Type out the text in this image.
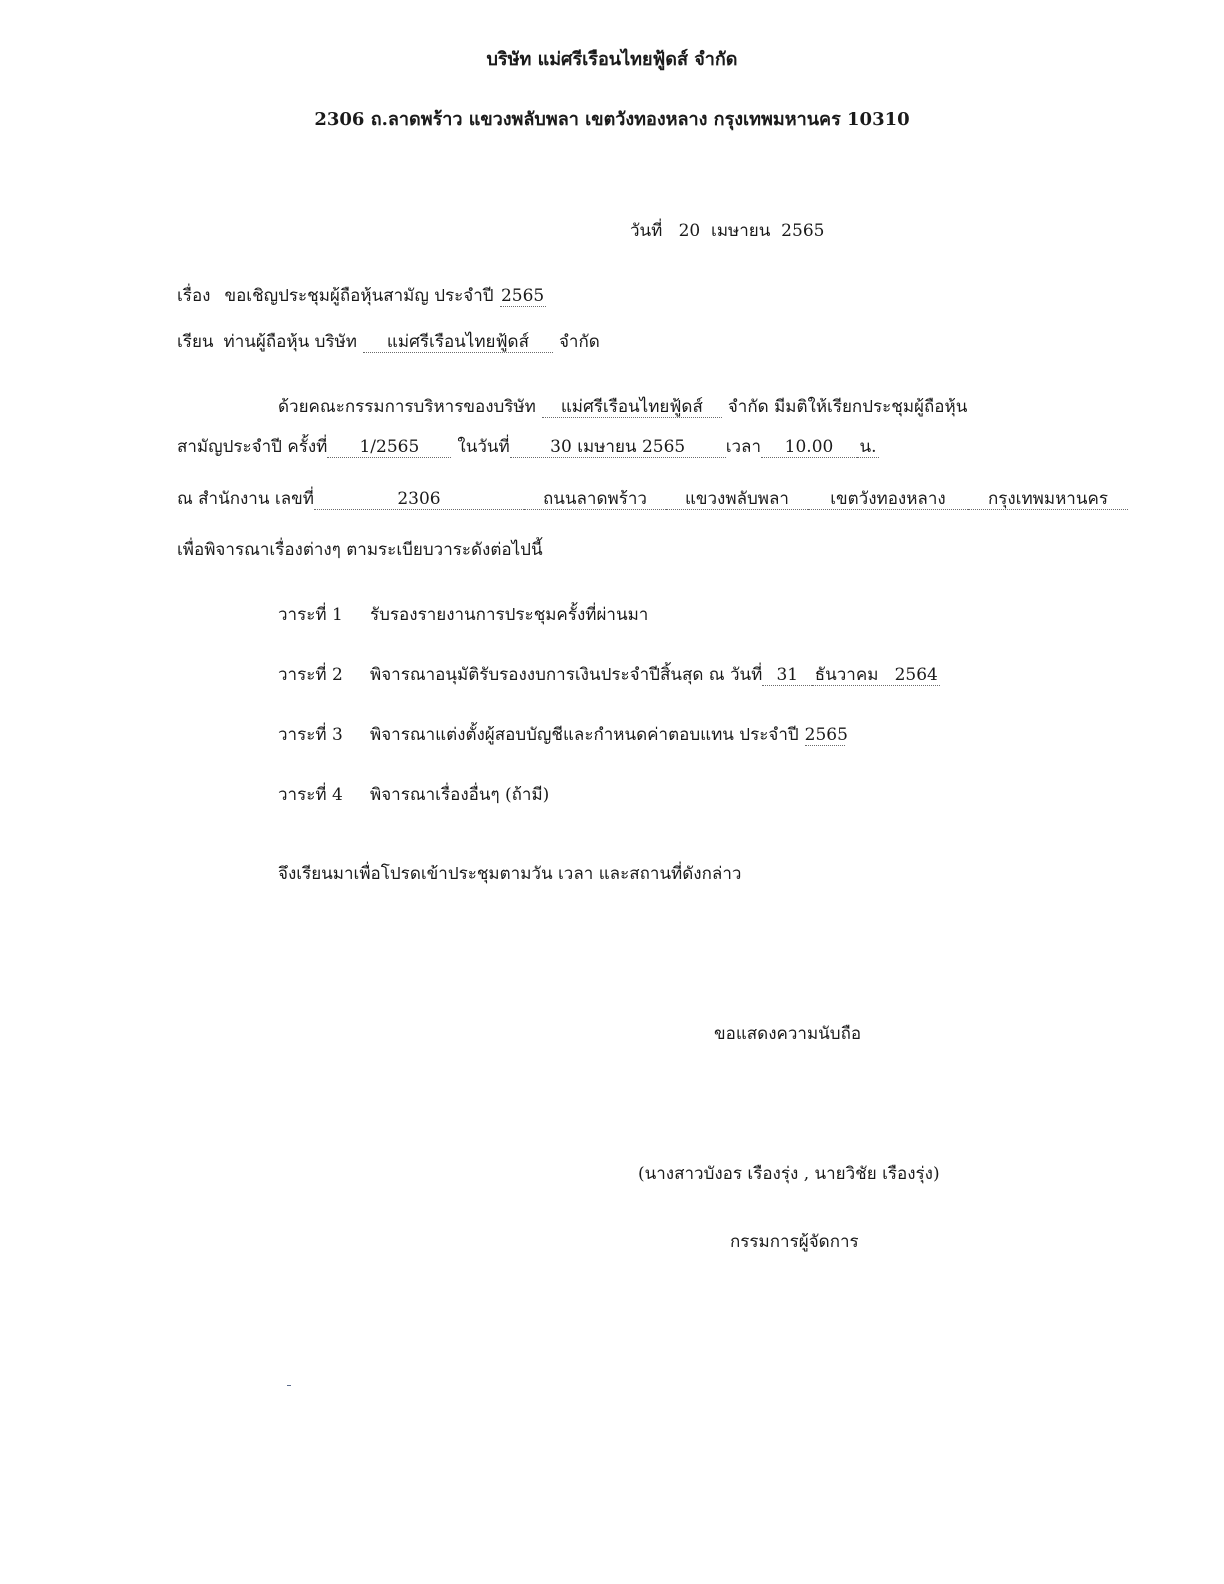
บริษัท แม่ศรีเรือนไทยฟู้ดส์ จำกัด
2306 ถ.ลาดพร้าว แขวงพลับพลา เขตวังทองหลาง กรุงเทพมหานคร 10310
วันที่   20  เมษายน  2565
เรื่อง ขอเชิญประชุมผู้ถือหุ้นสามัญ ประจำปี 2565
เรียน ท่านผู้ถือหุ้น บริษัท แม่ศรีเรือนไทยฟู้ดส์ จำกัด
ด้วยคณะกรรมการบริหารของบริษัท แม่ศรีเรือนไทยฟู้ดส์ จำกัด มีมติให้เรียกประชุมผู้ถือหุ้น
สามัญประจำปี ครั้งที่ 1/2565 ในวันที่ 30 เมษายน 2565 เวลา 10.00 น.
ณ สำนักงาน เลขที่	2306	ถนนลาดพร้าว แขวงพลับพลา เขตวังทองหลาง กรุงเทพมหานคร
เพื่อพิจารณาเรื่องต่างๆ ตามระเบียบวาระดังต่อไปนี้
วาระที่ 1 รับรองรายงานการประชุมครั้งที่ผ่านมา
วาระที่ 2 พิจารณาอนุมัติรับรองงบการเงินประจำปีสิ้นสุด ณ วันที่ 31 ธันวาคม   2564
วาระที่ 3 พิจารณาแต่งตั้งผู้สอบบัญชีและกำหนดค่าตอบแทน ประจำปี 2565
วาระที่ 4 พิจารณาเรื่องอื่นๆ (ถ้ามี)
จึงเรียนมาเพื่อโปรดเข้าประชุมตามวัน เวลา และสถานที่ดังกล่าว
ขอแสดงความนับถือ
(นางสาวบังอร เรืองรุ่ง , นายวิชัย เรืองรุ่ง)
กรรมการผู้จัดการ
